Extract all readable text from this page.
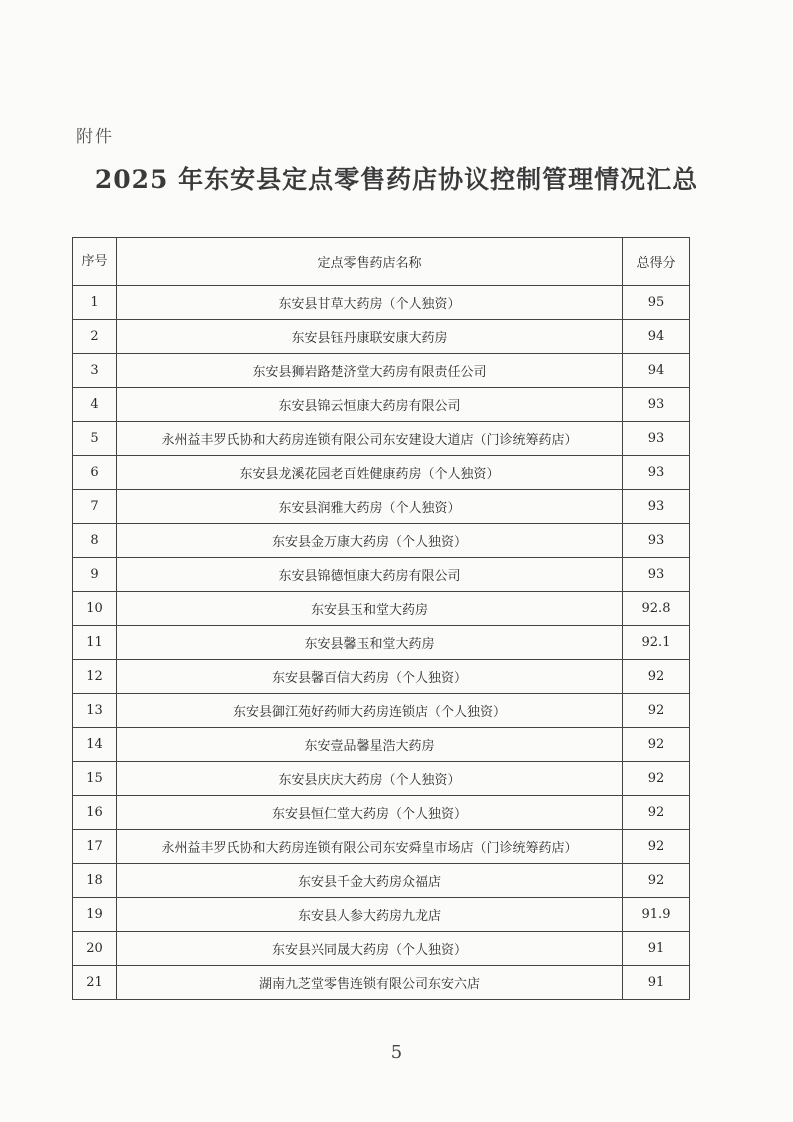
附件
2025 年东安县定点零售药店协议控制管理情况汇总
序号	定点零售药店名称	总得分
1	东安县甘草大药房（个人独资）	95
2	东安县钰丹康联安康大药房	94
3	东安县狮岩路楚济堂大药房有限责任公司	94
4	东安县锦云恒康大药房有限公司	93
5	永州益丰罗氏协和大药房连锁有限公司东安建设大道店（门诊统筹药店）	93
6	东安县龙溪花园老百姓健康药房（个人独资）	93
7	东安县润雅大药房（个人独资）	93
8	东安县金万康大药房（个人独资）	93
9	东安县锦德恒康大药房有限公司	93
10	东安县玉和堂大药房	92.8
11	东安县馨玉和堂大药房	92.1
12	东安县馨百信大药房（个人独资）	92
13	东安县御江苑好药师大药房连锁店（个人独资）	92
14	东安壹品馨星浩大药房	92
15	东安县庆庆大药房（个人独资）	92
16	东安县恒仁堂大药房（个人独资）	92
17	永州益丰罗氏协和大药房连锁有限公司东安舜皇市场店（门诊统筹药店）	92
18	东安县千金大药房众福店	92
19	东安县人参大药房九龙店	91.9
20	东安县兴同晟大药房（个人独资）	91
21	湖南九芝堂零售连锁有限公司东安六店	91
5
